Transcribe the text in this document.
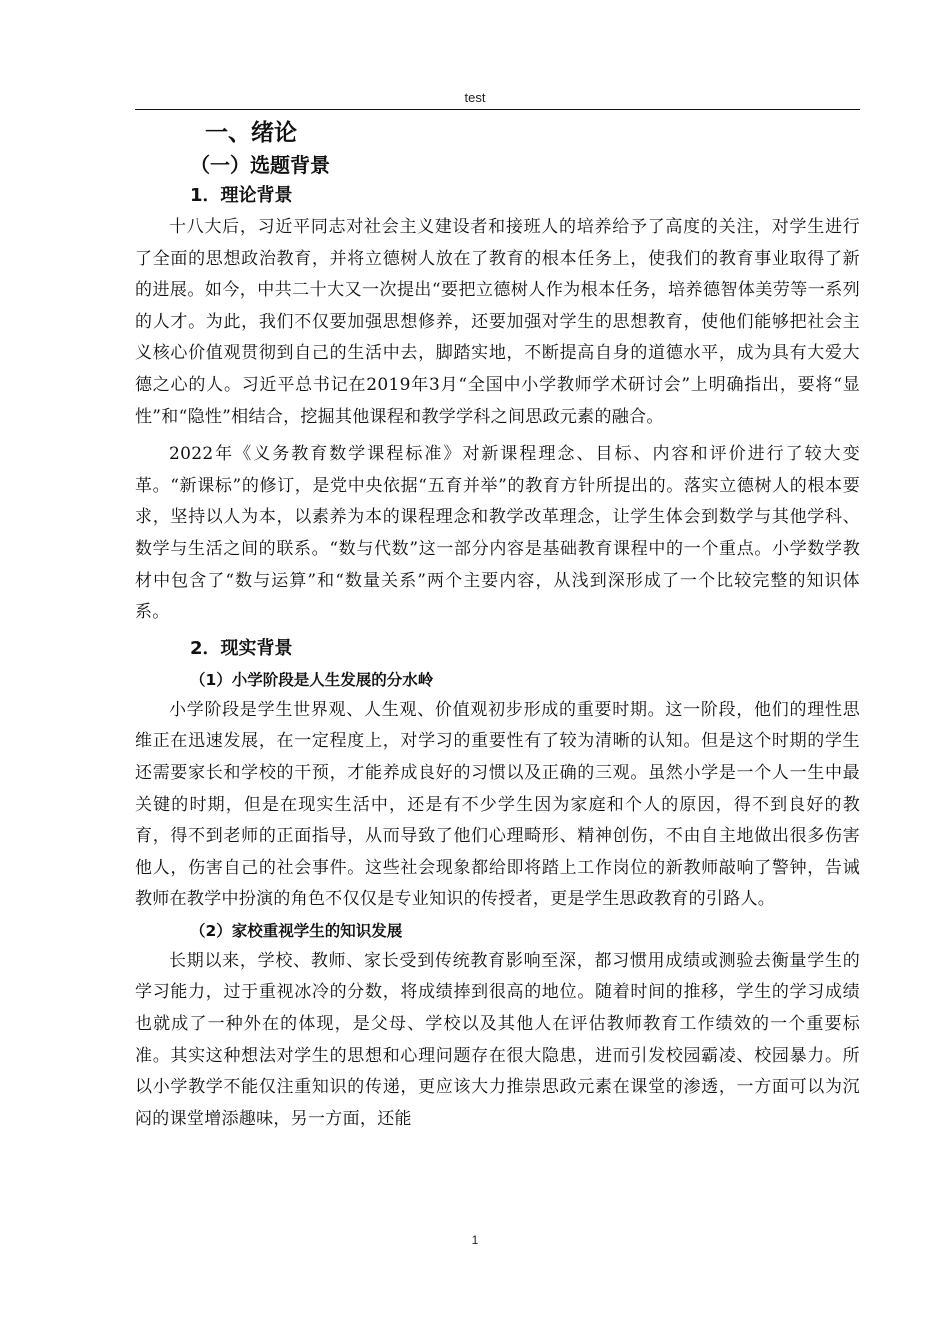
test

一、绪论

（一）选题背景

1．理论背景

十八大后，习近平同志对社会主义建设者和接班人的培养给予了高度的关注，对学生进行了全面的思想政治教育，并将立德树人放在了教育的根本任务上，使我们的教育事业取得了新的进展。如今，中共二十大又一次提出“要把立德树人作为根本任务，培养德智体美劳等一系列的人才。为此，我们不仅要加强思想修养，还要加强对学生的思想教育，使他们能够把社会主义核心价值观贯彻到自己的生活中去，脚踏实地，不断提高自身的道德水平，成为具有大爱大德之心的人。习近平总书记在2019年3月“全国中小学教师学术研讨会”上明确指出，要将“显性”和“隐性”相结合，挖掘其他课程和教学学科之间思政元素的融合。

2022年《义务教育数学课程标准》对新课程理念、目标、内容和评价进行了较大变革。“新课标”的修订，是党中央依据“五育并举”的教育方针所提出的。落实立德树人的根本要求，坚持以人为本，以素养为本的课程理念和教学改革理念，让学生体会到数学与其他学科、数学与生活之间的联系。“数与代数”这一部分内容是基础教育课程中的一个重点。小学数学教材中包含了“数与运算”和“数量关系”两个主要内容，从浅到深形成了一个比较完整的知识体系。

2．现实背景

（1）小学阶段是人生发展的分水岭

小学阶段是学生世界观、人生观、价值观初步形成的重要时期。这一阶段，他们的理性思维正在迅速发展，在一定程度上，对学习的重要性有了较为清晰的认知。但是这个时期的学生还需要家长和学校的干预，才能养成良好的习惯以及正确的三观。虽然小学是一个人一生中最关键的时期，但是在现实生活中，还是有不少学生因为家庭和个人的原因，得不到良好的教育，得不到老师的正面指导，从而导致了他们心理畸形、精神创伤，不由自主地做出很多伤害他人，伤害自己的社会事件。这些社会现象都给即将踏上工作岗位的新教师敲响了警钟，告诫教师在教学中扮演的角色不仅仅是专业知识的传授者，更是学生思政教育的引路人。

（2）家校重视学生的知识发展

长期以来，学校、教师、家长受到传统教育影响至深，都习惯用成绩或测验去衡量学生的学习能力，过于重视冰冷的分数，将成绩捧到很高的地位。随着时间的推移，学生的学习成绩也就成了一种外在的体现，是父母、学校以及其他人在评估教师教育工作绩效的一个重要标准。其实这种想法对学生的思想和心理问题存在很大隐患，进而引发校园霸凌、校园暴力。所以小学教学不能仅注重知识的传递，更应该大力推崇思政元素在课堂的渗透，一方面可以为沉闷的课堂增添趣味，另一方面，还能

1
